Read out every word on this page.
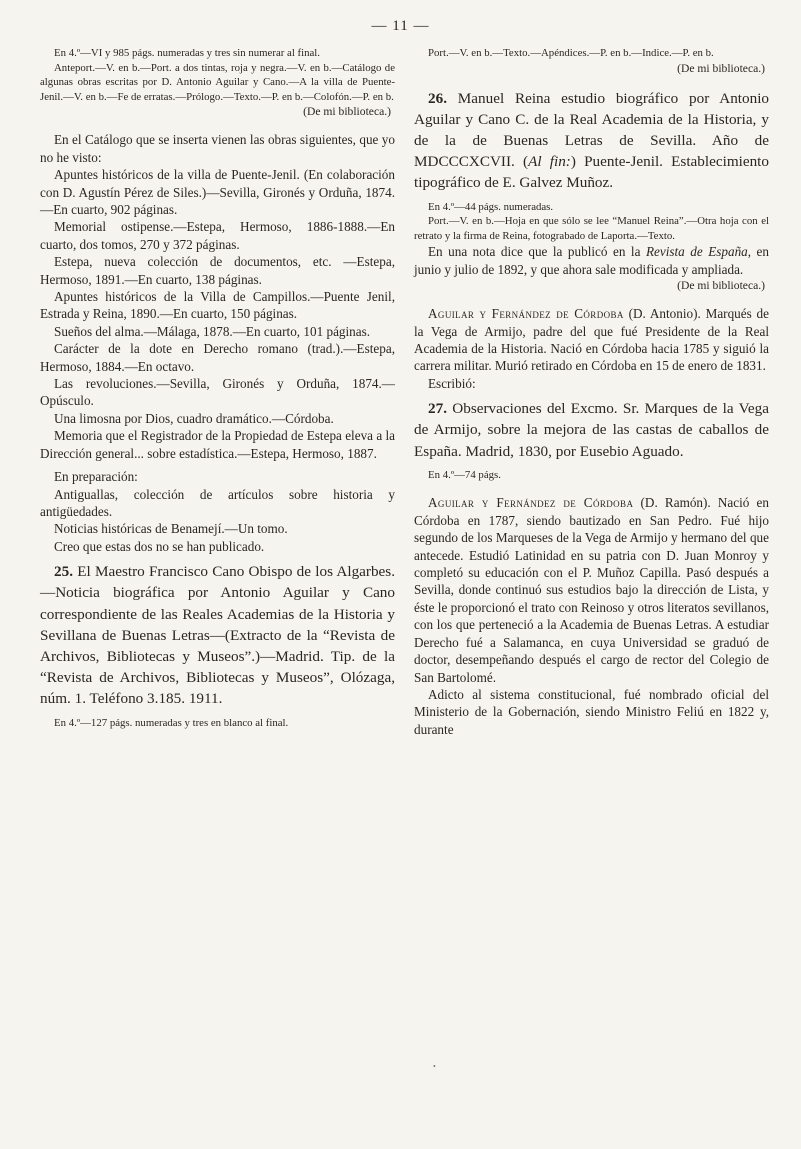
— 11 —

En 4.º—VI y 985 págs. numeradas y tres sin numerar al final.

Anteport.—V. en b.—Port. a dos tintas, roja y negra.—V. en b.—Catálogo de algunas obras escritas por D. Antonio Aguilar y Cano.—A la villa de Puente-Jenil.—V. en b.—Fe de erratas.—Prólogo.—Texto.—P. en b.—Colofón.—P. en b.

(De mi biblioteca.)

En el Catálogo que se inserta vienen las obras siguientes, que yo no he visto:

Apuntes históricos de la villa de Puente-Jenil. (En colaboración con D. Agustín Pérez de Siles.)—Sevilla, Gironés y Orduña, 1874.—En cuarto, 902 páginas.

Memorial ostipense.—Estepa, Hermoso, 1886-1888.—En cuarto, dos tomos, 270 y 372 páginas.

Estepa, nueva colección de documentos, etc. —Estepa, Hermoso, 1891.—En cuarto, 138 páginas.

Apuntes históricos de la Villa de Campillos.—Puente Jenil, Estrada y Reina, 1890.—En cuarto, 150 páginas.

Sueños del alma.—Málaga, 1878.—En cuarto, 101 páginas.

Carácter de la dote en Derecho romano (trad.).—Estepa, Hermoso, 1884.—En octavo.

Las revoluciones.—Sevilla, Gironés y Orduña, 1874.—Opúsculo.

Una limosna por Dios, cuadro dramático.—Córdoba.

Memoria que el Registrador de la Propiedad de Estepa eleva a la Dirección general... sobre estadística.—Estepa, Hermoso, 1887.

En preparación:

Antiguallas, colección de artículos sobre historia y antigüedades.

Noticias históricas de Benamejí.—Un tomo.

Creo que estas dos no se han publicado.

25. El Maestro Francisco Cano Obispo de los Algarbes.—Noticia biográfica por Antonio Aguilar y Cano correspondiente de las Reales Academias de la Historia y Sevillana de Buenas Letras—(Extracto de la “Revista de Archivos, Bibliotecas y Museos”.)—Madrid. Tip. de la “Revista de Archivos, Bibliotecas y Museos”, Olózaga, núm. 1. Teléfono 3.185. 1911.

En 4.º—127 págs. numeradas y tres en blanco al final.

Port.—V. en b.—Texto.—Apéndices.—P. en b.—Indice.—P. en b.

(De mi biblioteca.)

26. Manuel Reina estudio biográfico por Antonio Aguilar y Cano C. de la Real Academia de la Historia, y de la de Buenas Letras de Sevilla. Año de MDCCCXCVII. (Al fin:) Puente-Jenil. Establecimiento tipográfico de E. Galvez Muñoz.

En 4.º—44 págs. numeradas.

Port.—V. en b.—Hoja en que sólo se lee “Manuel Reina”.—Otra hoja con el retrato y la firma de Reina, fotograbado de Laporta.—Texto.

En una nota dice que la publicó en la Revista de España, en junio y julio de 1892, y que ahora sale modificada y ampliada.

(De mi biblioteca.)

Aguilar y Fernández de Córdoba (D. Antonio). Marqués de la Vega de Armijo, padre del que fué Presidente de la Real Academia de la Historia. Nació en Córdoba hacia 1785 y siguió la carrera militar. Murió retirado en Córdoba en 15 de enero de 1831.

Escribió:

27. Observaciones del Excmo. Sr. Marques de la Vega de Armijo, sobre la mejora de las castas de caballos de España. Madrid, 1830, por Eusebio Aguado.

En 4.º—74 págs.

Aguilar y Fernández de Córdoba (D. Ramón). Nació en Córdoba en 1787, siendo bautizado en San Pedro. Fué hijo segundo de los Marqueses de la Vega de Armijo y hermano del que antecede. Estudió Latinidad en su patria con D. Juan Monroy y completó su educación con el P. Muñoz Capilla. Pasó después a Sevilla, donde continuó sus estudios bajo la dirección de Lista, y éste le proporcionó el trato con Reinoso y otros literatos sevillanos, con los que perteneció a la Academia de Buenas Letras. A estudiar Derecho fué a Salamanca, en cuya Universidad se graduó de doctor, desempeñando después el cargo de rector del Colegio de San Bartolomé.

Adicto al sistema constitucional, fué nombrado oficial del Ministerio de la Gobernación, siendo Ministro Feliú en 1822 y, durante

•
